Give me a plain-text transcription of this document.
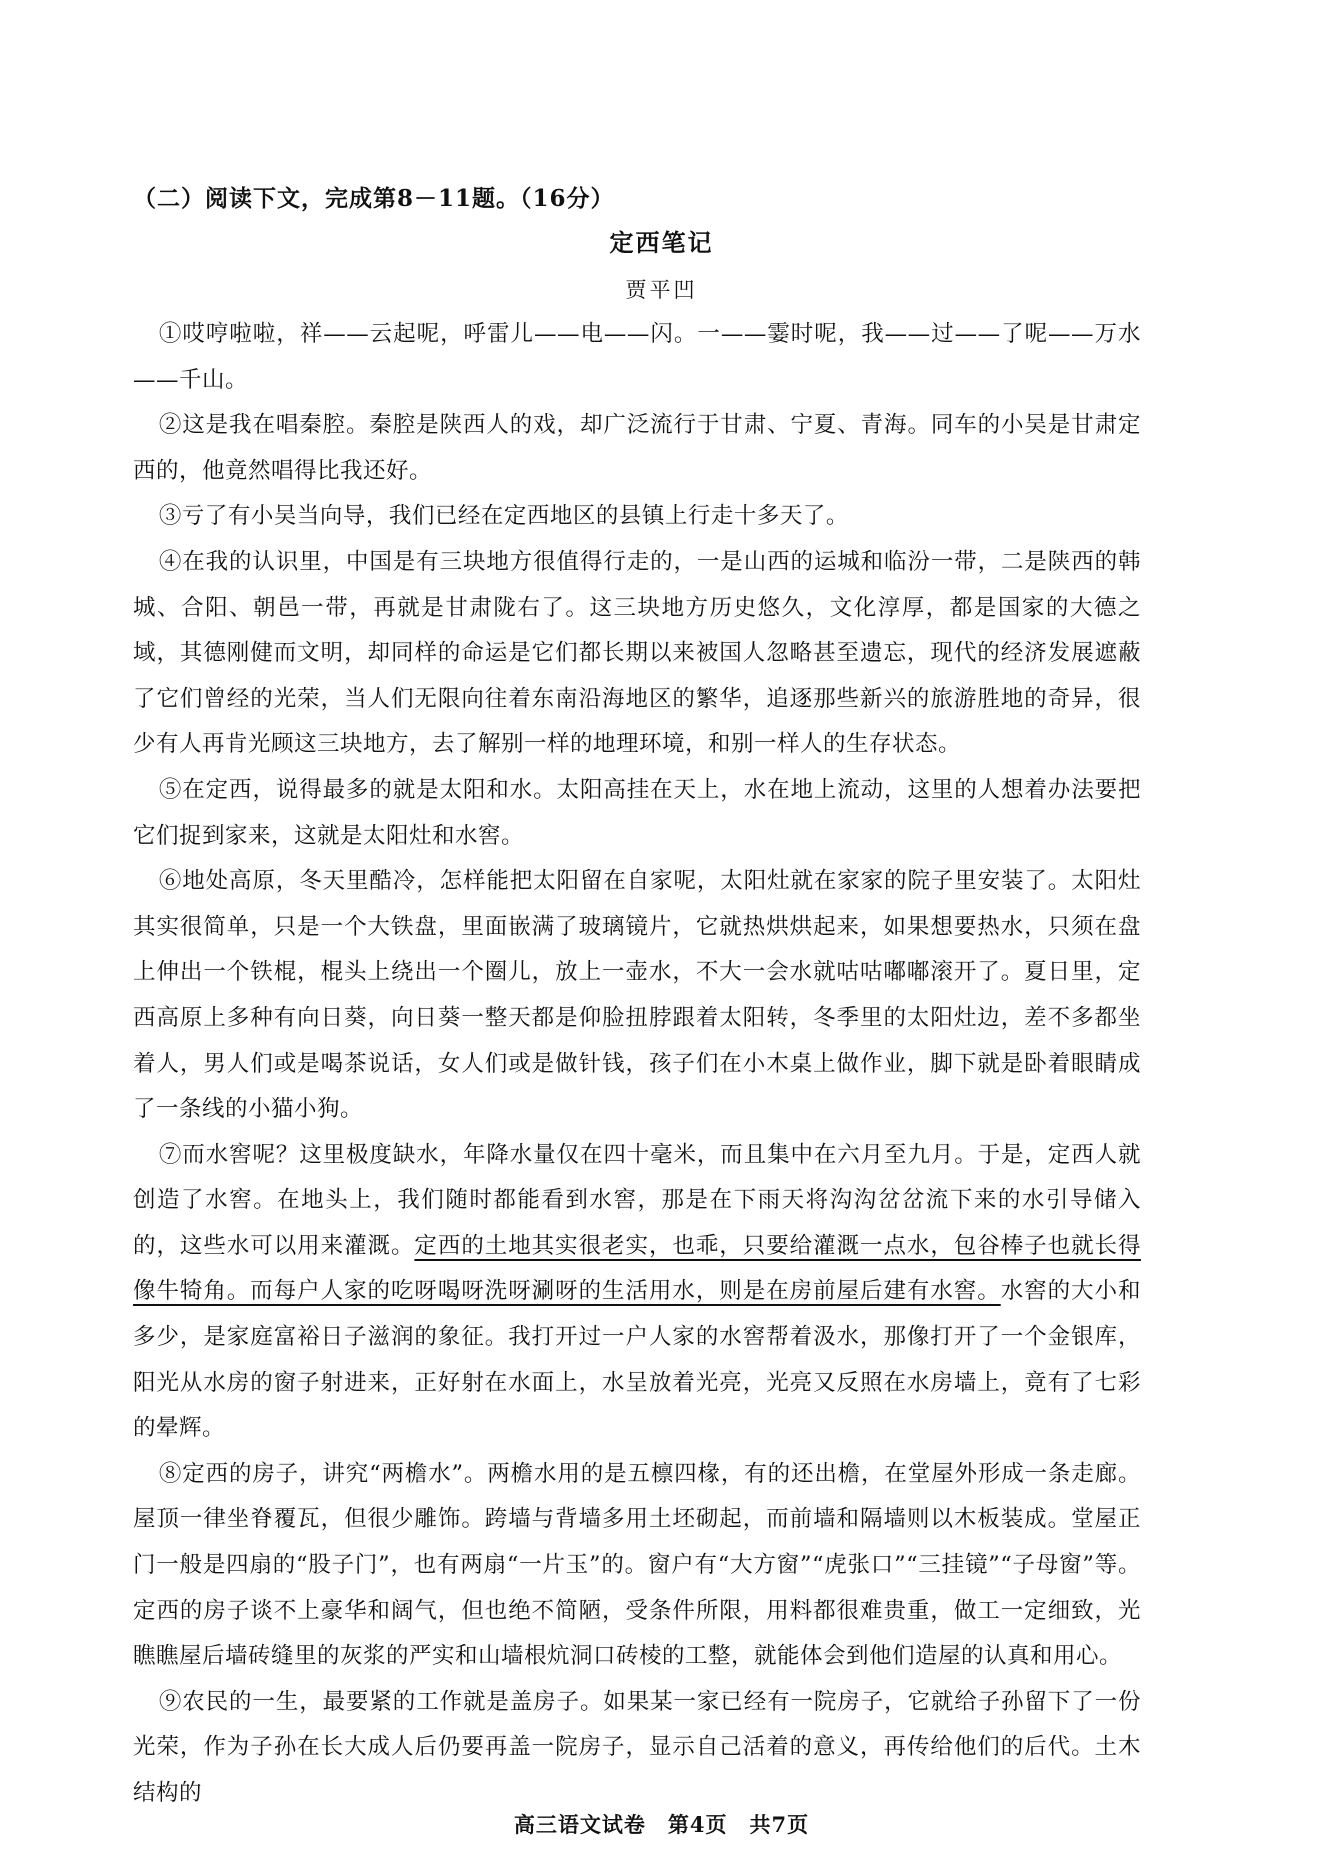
（二）阅读下文，完成第8－11题。（16分）
定西笔记
贾平凹

①哎哼啦啦，祥——云起呢，呼雷儿——电——闪。一——霎时呢，我——过——了呢——万水——千山。

②这是我在唱秦腔。秦腔是陕西人的戏，却广泛流行于甘肃、宁夏、青海。同车的小吴是甘肃定西的，他竟然唱得比我还好。

③亏了有小吴当向导，我们已经在定西地区的县镇上行走十多天了。

④在我的认识里，中国是有三块地方很值得行走的，一是山西的运城和临汾一带，二是陕西的韩城、合阳、朝邑一带，再就是甘肃陇右了。这三块地方历史悠久，文化淳厚，都是国家的大德之域，其德刚健而文明，却同样的命运是它们都长期以来被国人忽略甚至遗忘，现代的经济发展遮蔽了它们曾经的光荣，当人们无限向往着东南沿海地区的繁华，追逐那些新兴的旅游胜地的奇异，很少有人再肯光顾这三块地方，去了解别一样的地理环境，和别一样人的生存状态。

⑤在定西，说得最多的就是太阳和水。太阳高挂在天上，水在地上流动，这里的人想着办法要把它们捉到家来，这就是太阳灶和水窖。

⑥地处高原，冬天里酷冷，怎样能把太阳留在自家呢，太阳灶就在家家的院子里安装了。太阳灶其实很简单，只是一个大铁盘，里面嵌满了玻璃镜片，它就热烘烘起来，如果想要热水，只须在盘上伸出一个铁棍，棍头上绕出一个圈儿，放上一壶水，不大一会水就咕咕嘟嘟滚开了。夏日里，定西高原上多种有向日葵，向日葵一整天都是仰脸扭脖跟着太阳转，冬季里的太阳灶边，差不多都坐着人，男人们或是喝茶说话，女人们或是做针钱，孩子们在小木桌上做作业，脚下就是卧着眼睛成了一条线的小猫小狗。

⑦而水窖呢？这里极度缺水，年降水量仅在四十毫米，而且集中在六月至九月。于是，定西人就创造了水窖。在地头上，我们随时都能看到水窖，那是在下雨天将沟沟岔岔流下来的水引导储入的，这些水可以用来灌溉。定西的土地其实很老实，也乖，只要给灌溉一点水，包谷棒子也就长得像牛犄角。而每户人家的吃呀喝呀洗呀涮呀的生活用水，则是在房前屋后建有水窖。水窖的大小和多少，是家庭富裕日子滋润的象征。我打开过一户人家的水窖帮着汲水，那像打开了一个金银库，阳光从水房的窗子射进来，正好射在水面上，水呈放着光亮，光亮又反照在水房墙上，竟有了七彩的晕辉。

⑧定西的房子，讲究“两檐水”。两檐水用的是五檩四椽，有的还出檐，在堂屋外形成一条走廊。屋顶一律坐脊覆瓦，但很少雕饰。跨墙与背墙多用土坯砌起，而前墙和隔墙则以木板装成。堂屋正门一般是四扇的“股子门”，也有两扇“一片玉”的。窗户有“大方窗”“虎张口”“三挂镜”“子母窗”等。定西的房子谈不上豪华和阔气，但也绝不简陋，受条件所限，用料都很难贵重，做工一定细致，光瞧瞧屋后墙砖缝里的灰浆的严实和山墙根炕洞口砖棱的工整，就能体会到他们造屋的认真和用心。

⑨农民的一生，最要紧的工作就是盖房子。如果某一家已经有一院房子，它就给子孙留下了一份光荣，作为子孙在长大成人后仍要再盖一院房子，显示自己活着的意义，再传给他们的后代。土木结构的

高三语文试卷　第4页　共7页
